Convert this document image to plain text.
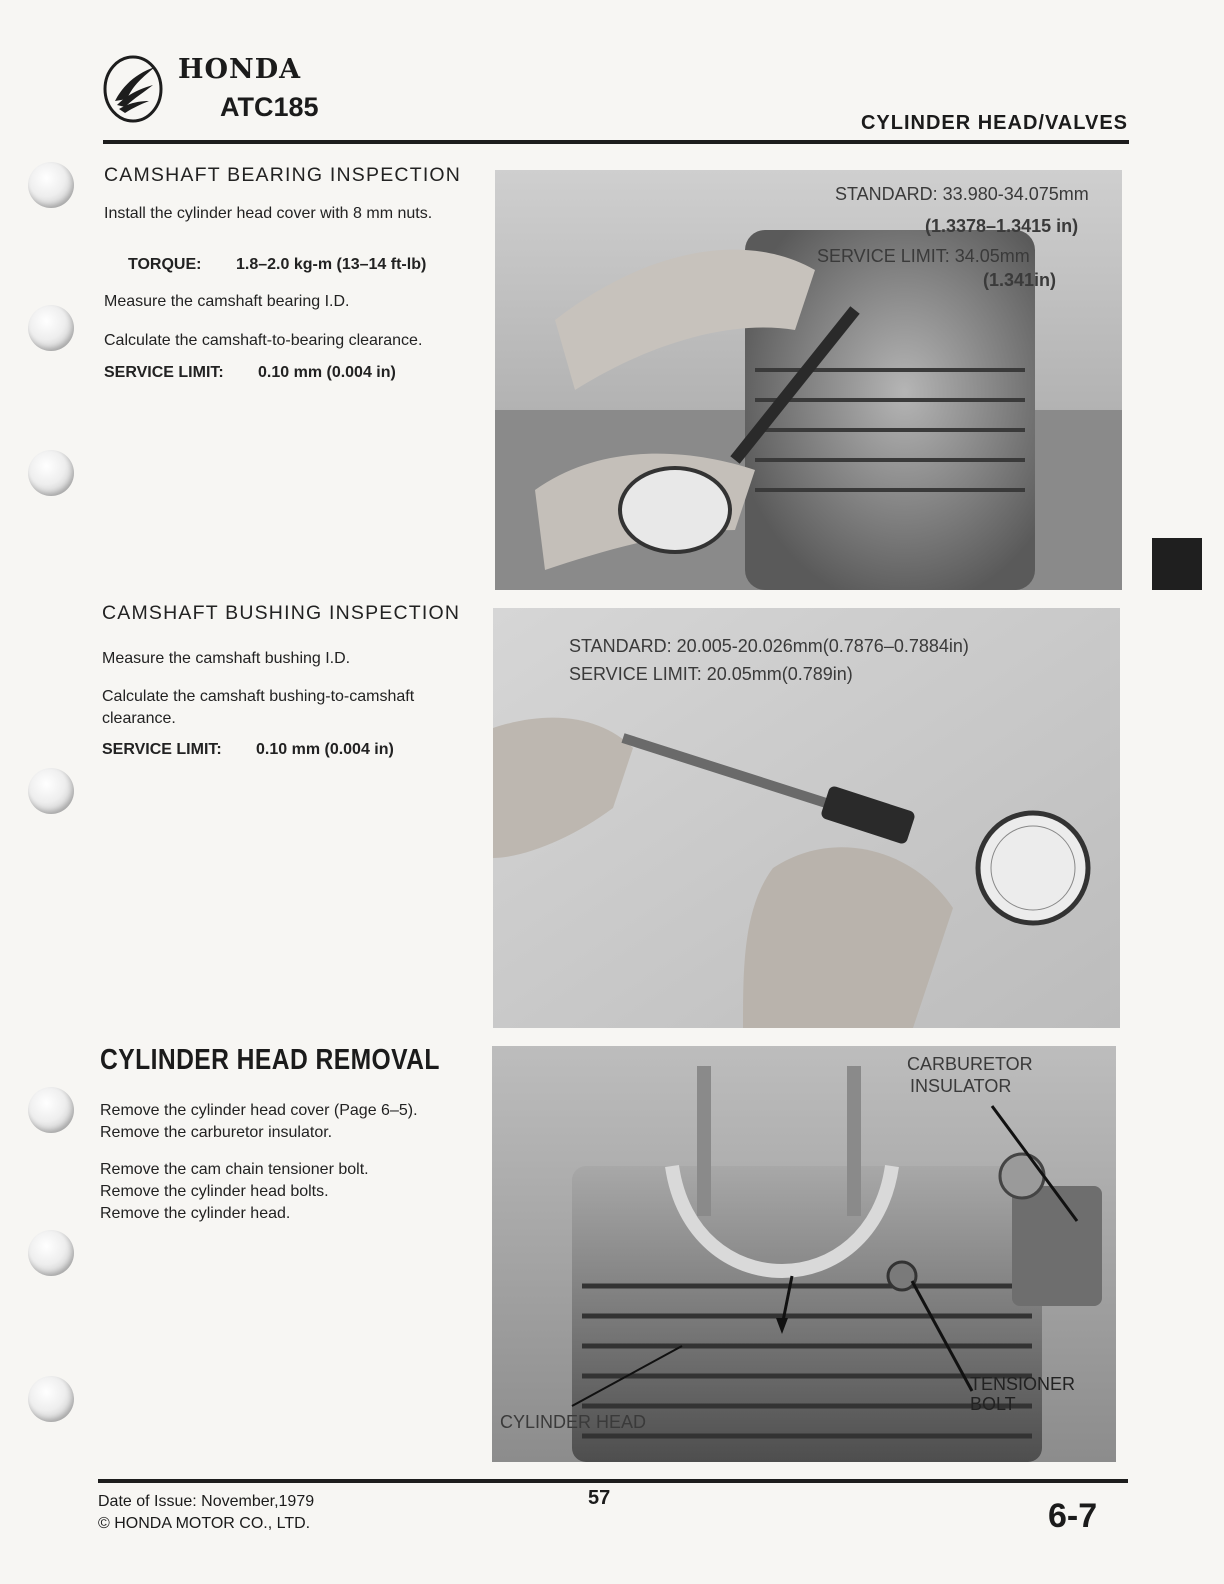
HONDA
ATC185
CYLINDER HEAD/VALVES
CAMSHAFT BEARING INSPECTION
Install the cylinder head cover with 8 mm nuts.
TORQUE: 1.8–2.0 kg-m (13–14 ft-lb)
Measure the camshaft bearing I.D.
Calculate the camshaft-to-bearing clearance.
SERVICE LIMIT: 0.10 mm (0.004 in)
STANDARD: 33.980-34.075mm
(1.3378–1.3415 in)
SERVICE LIMIT: 34.05mm
(1.341in)
CAMSHAFT BUSHING INSPECTION
Measure the camshaft bushing I.D.
Calculate the camshaft bushing-to-camshaft clearance.
SERVICE LIMIT: 0.10 mm (0.004 in)
STANDARD: 20.005-20.026mm(0.7876–0.7884in)
SERVICE LIMIT: 20.05mm(0.789in)
CYLINDER HEAD REMOVAL
Remove the cylinder head cover (Page 6–5).
Remove the carburetor insulator.
Remove the cam chain tensioner bolt.
Remove the cylinder head bolts.
Remove the cylinder head.
CARBURETOR
INSULATOR
TENSIONER
BOLT
CYLINDER HEAD
Date of Issue: November,1979
© HONDA MOTOR CO., LTD.
57	6-7
